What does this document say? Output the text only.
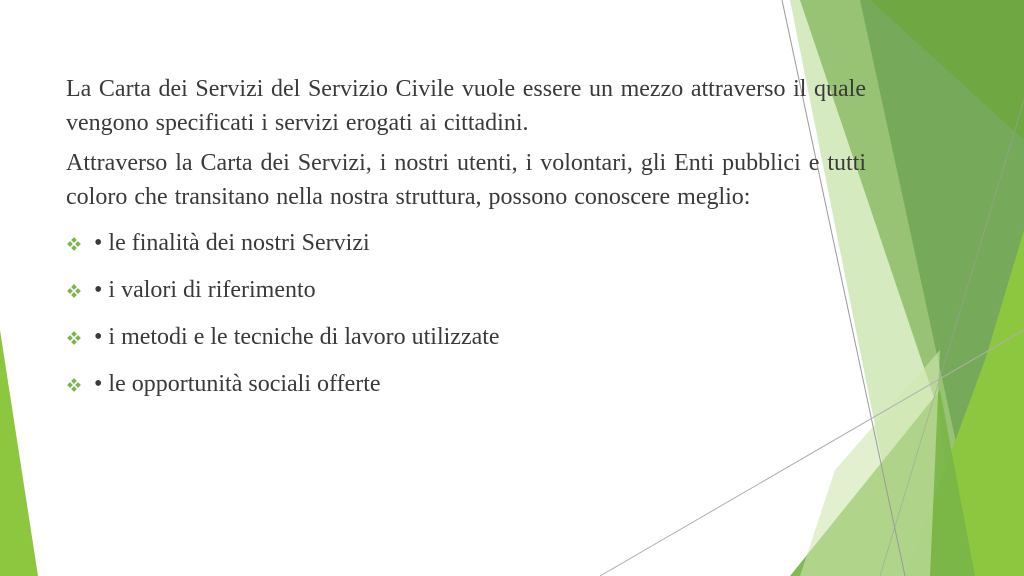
La Carta dei Servizi del Servizio Civile vuole essere un mezzo attraverso il quale vengono specificati i servizi erogati ai cittadini.

Attraverso la Carta dei Servizi, i nostri utenti, i volontari, gli Enti pubblici e tutti coloro che transitano nella nostra struttura, possono conoscere meglio:

• le finalità dei nostri Servizi
• i valori di riferimento
• i metodi e le tecniche di lavoro utilizzate
• le opportunità sociali offerte
